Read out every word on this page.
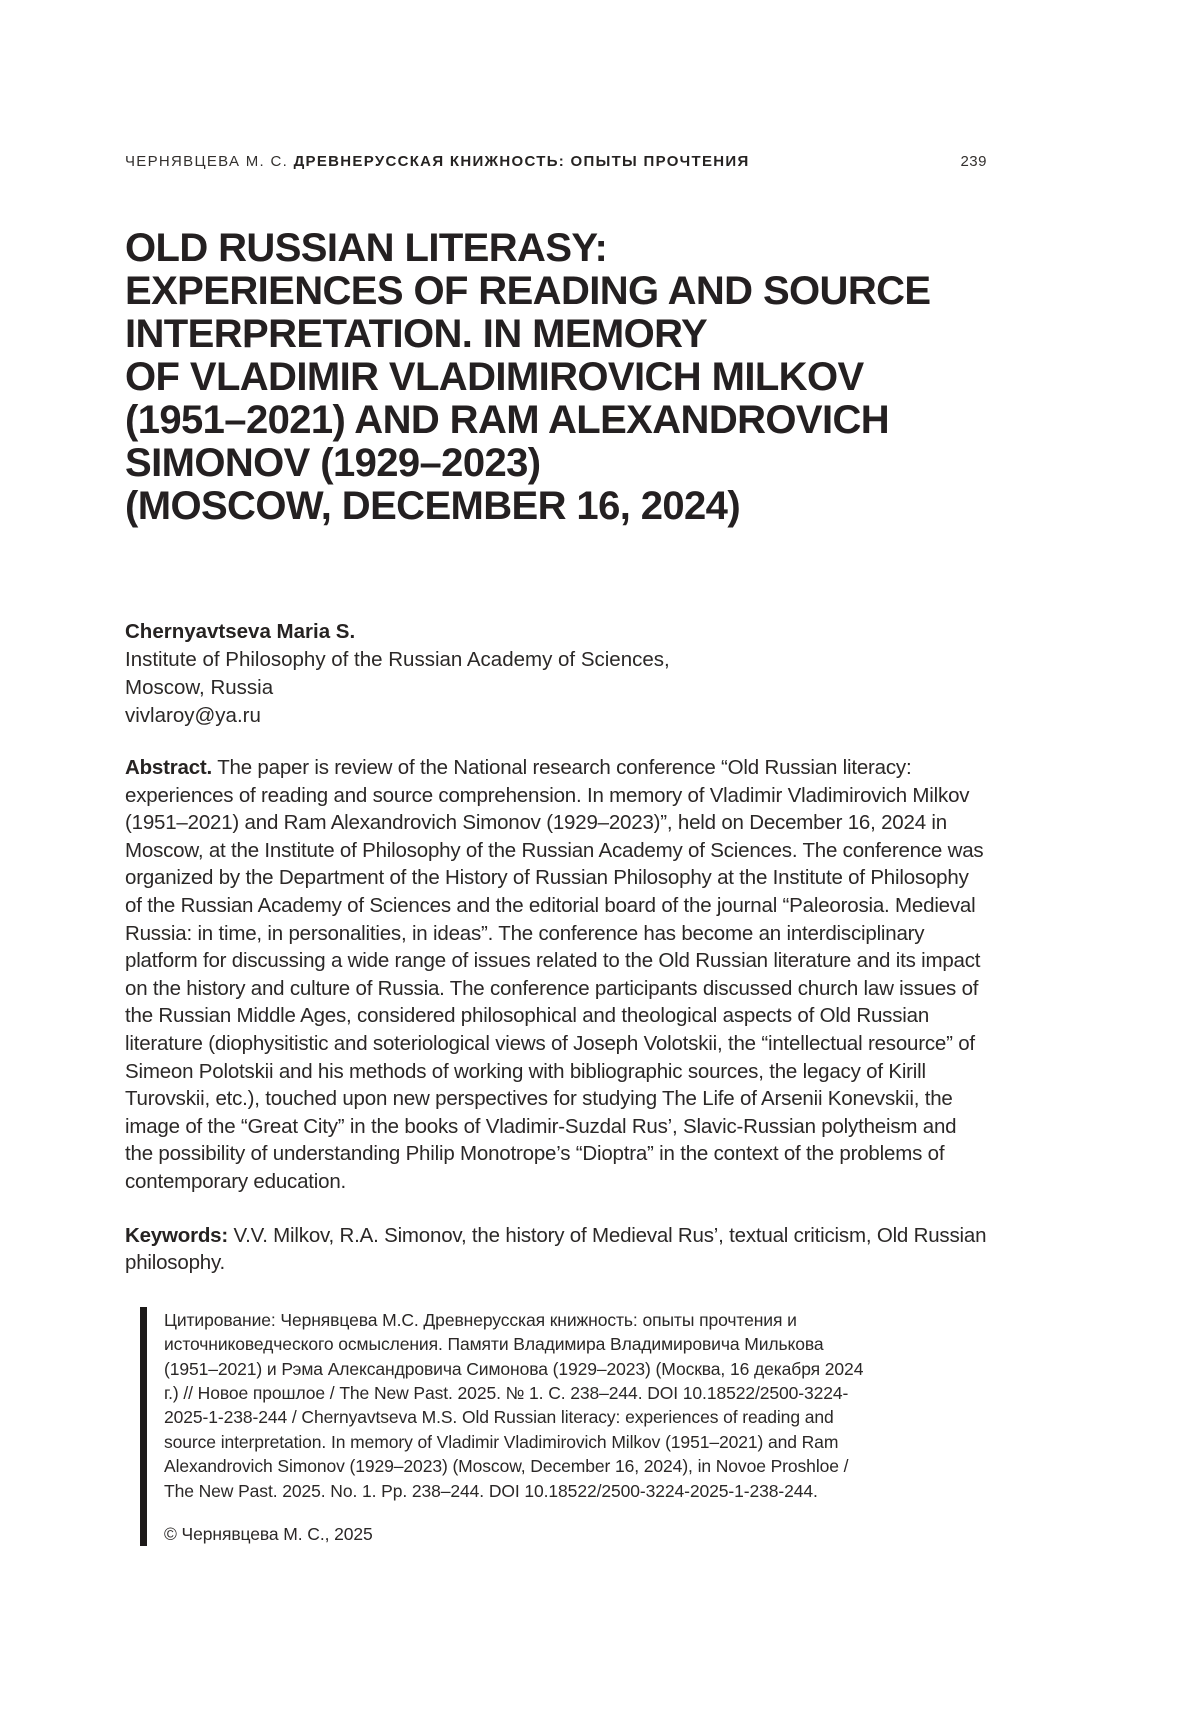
ЧЕРНЯВЦЕВА М. С. ДРЕВНЕРУССКАЯ КНИЖНОСТЬ: ОПЫТЫ ПРОЧТЕНИЯ	239
OLD RUSSIAN LITERASY:
EXPERIENCES OF READING AND SOURCE
INTERPRETATION. IN MEMORY
OF VLADIMIR VLADIMIROVICH MILKOV
(1951–2021) AND RAM ALEXANDROVICH
SIMONOV (1929–2023)
(MOSCOW, DECEMBER 16, 2024)
Chernyavtseva Maria S.
Institute of Philosophy of the Russian Academy of Sciences,
Moscow, Russia
vivlaroy@ya.ru

Abstract. The paper is review of the National research conference “Old Russian literacy: experiences of reading and source comprehension. In memory of Vladimir Vladimirovich Milkov (1951–2021) and Ram Alexandrovich Simonov (1929–2023)”, held on December 16, 2024 in Moscow, at the Institute of Philosophy of the Russian Academy of Sciences. The conference was organized by the Department of the History of Russian Philosophy at the Institute of Philosophy of the Russian Academy of Sciences and the editorial board of the journal “Paleorosia. Medieval Russia: in time, in personalities, in ideas”. The conference has become an interdisciplinary platform for discussing a wide range of issues related to the Old Russian literature and its impact on the history and culture of Russia. The conference participants discussed church law issues of the Russian Middle Ages, considered philosophical and theological aspects of Old Russian literature (diophysitistic and soteriological views of Joseph Volotskii, the “intellectual resource” of Simeon Polotskii and his methods of working with bibliographic sources, the legacy of Kirill Turovskii, etc.), touched upon new perspectives for studying The Life of Arsenii Konevskii, the image of the “Great City” in the books of Vladimir-Suzdal Rus’, Slavic-Russian polytheism and the possibility of understanding Philip Monotrope’s “Dioptra” in the context of the problems of contemporary education.

Keywords: V.V. Milkov, R.A. Simonov, the history of Medieval Rus’, textual criticism, Old Russian philosophy.

Цитирование: Чернявцева М.С. Древнерусская книжность: опыты прочтения и источниковедческого осмысления. Памяти Владимира Владимировича Милькова (1951–2021) и Рэма Александровича Симонова (1929–2023) (Москва, 16 декабря 2024 г.) // Новое прошлое / The New Past. 2025. № 1. С. 238–244. DOI 10.18522/2500-3224-2025-1-238-244 / Chernyavtseva M.S. Old Russian literacy: experiences of reading and source interpretation. In memory of Vladimir Vladimirovich Milkov (1951–2021) and Ram Alexandrovich Simonov (1929–2023) (Moscow, December 16, 2024), in Novoe Proshloe / The New Past. 2025. No. 1. Pp. 238–244. DOI 10.18522/2500-3224-2025-1-238-244.

© Чернявцева М. С., 2025
